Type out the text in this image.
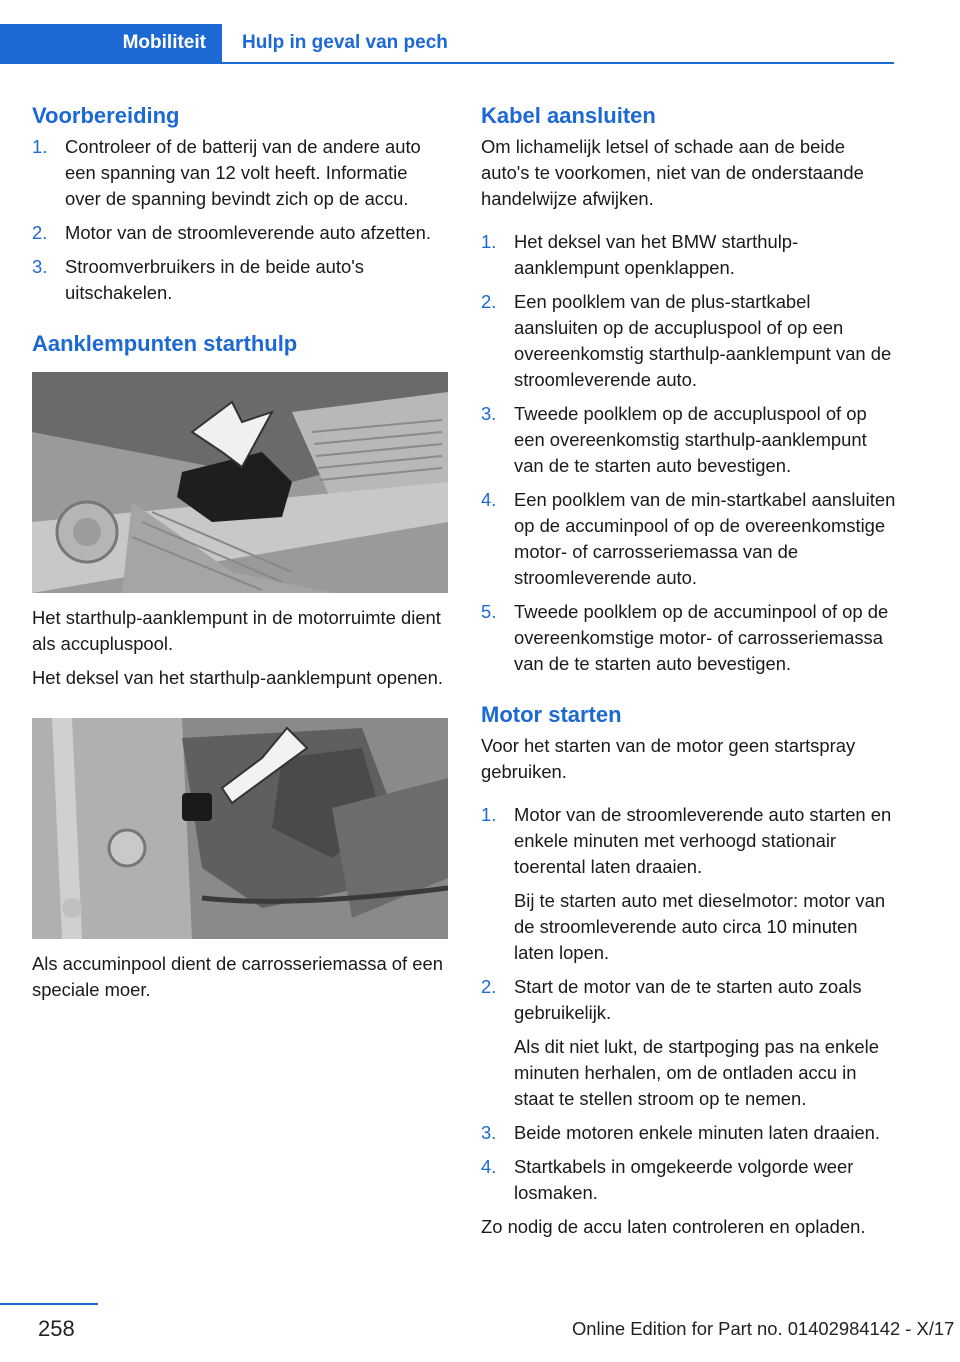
Mobiliteit Hulp in geval van pech
Voorbereiding
1. Controleer of de batterij van de andere auto een spanning van 12 volt heeft. Informatie over de spanning bevindt zich op de accu.
2. Motor van de stroomleverende auto afzetten.
3. Stroomverbruikers in de beide auto's uitschakelen.
Aanklempunten starthulp

Het starthulp-aanklempunt in de motorruimte dient als accupluspool.

Het deksel van het starthulp-aanklempunt openen.

Als accuminpool dient de carrosseriemassa of een speciale moer.

Kabel aansluiten

Om lichamelijk letsel of schade aan de beide auto's te voorkomen, niet van de onderstaande handelwijze afwijken.

1. Het deksel van het BMW starthulp-aanklempunt openklappen.
2. Een poolklem van de plus-startkabel aansluiten op de accupluspool of op een overeenkomstig starthulp-aanklempunt van de stroomleverende auto.
3. Tweede poolklem op de accupluspool of op een overeenkomstig starthulp-aanklempunt van de te starten auto bevestigen.
4. Een poolklem van de min-startkabel aansluiten op de accuminpool of op de overeenkomstige motor- of carrosseriemassa van de stroomleverende auto.
5. Tweede poolklem op de accuminpool of op de overeenkomstige motor- of carrosseriemassa van de te starten auto bevestigen.
Motor starten

Voor het starten van de motor geen startspray gebruiken.

1. Motor van de stroomleverende auto starten en enkele minuten met verhoogd stationair toerental laten draaien.

Bij te starten auto met dieselmotor: motor van de stroomleverende auto circa 10 minuten laten lopen.

2. Start de motor van de te starten auto zoals gebruikelijk.

Als dit niet lukt, de startpoging pas na enkele minuten herhalen, om de ontladen accu in staat te stellen stroom op te nemen.

3. Beide motoren enkele minuten laten draaien.
4. Startkabels in omgekeerde volgorde weer losmaken.

Zo nodig de accu laten controleren en opladen.

258	Online Edition for Part no. 01402984142 - X/17
